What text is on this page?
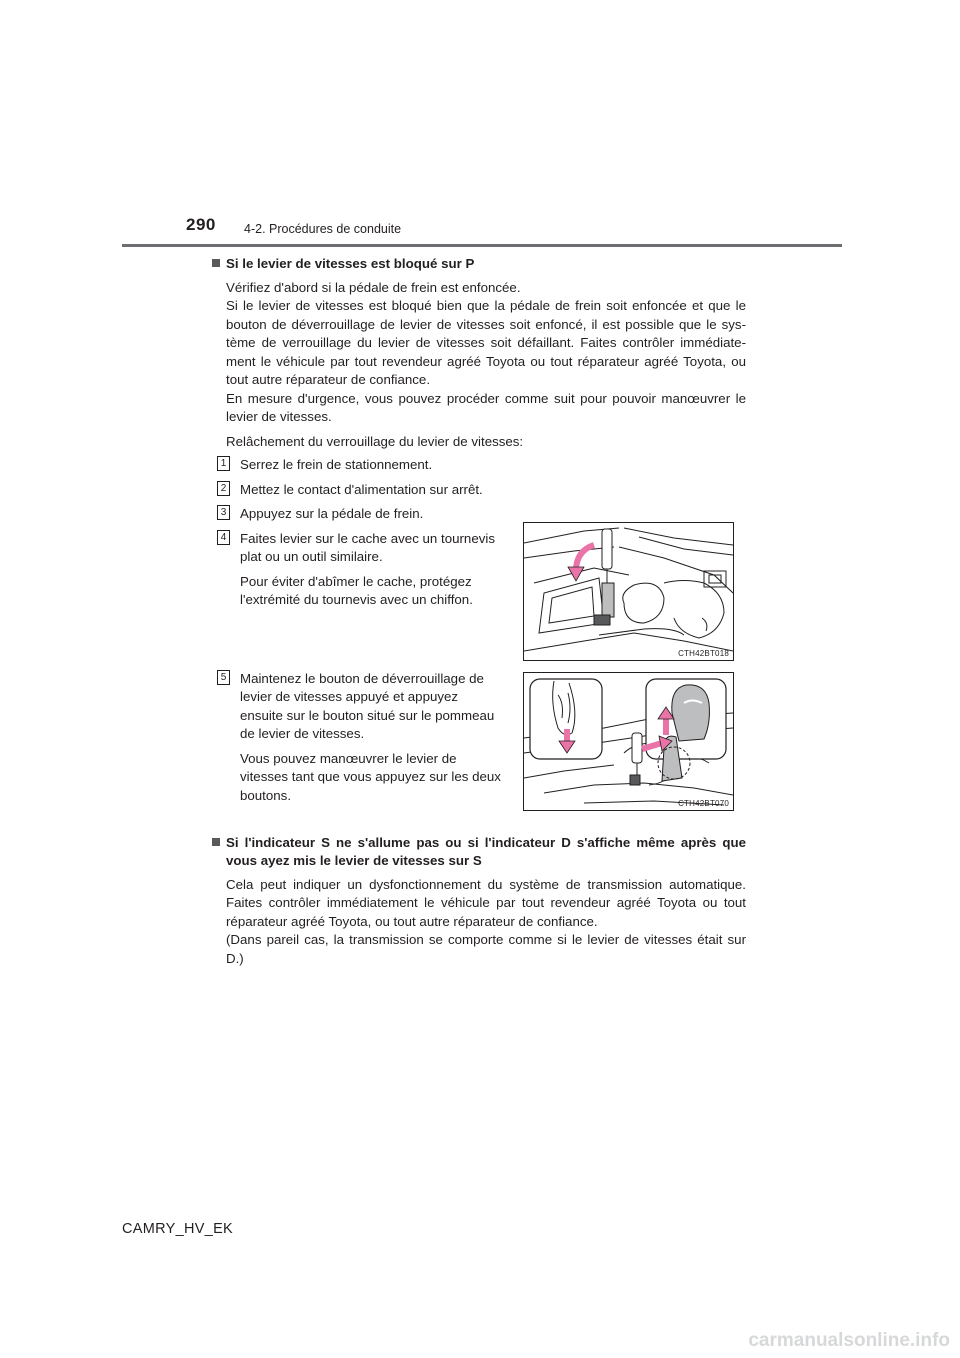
290 4-2. Procédures de conduite
Si le levier de vitesses est bloqué sur P
Vérifiez d'abord si la pédale de frein est enfoncée.
Si le levier de vitesses est bloqué bien que la pédale de frein soit enfoncée et que le
bouton de déverrouillage de levier de vitesses soit enfoncé, il est possible que le sys-
tème de verrouillage du levier de vitesses soit défaillant. Faites contrôler immédiate-
ment le véhicule par tout revendeur agréé Toyota ou tout réparateur agréé Toyota, ou
tout autre réparateur de confiance.
En mesure d'urgence, vous pouvez procéder comme suit pour pouvoir manœuvrer le
levier de vitesses.
Relâchement du verrouillage du levier de vitesses:
1 Serrez le frein de stationnement.
2 Mettez le contact d'alimentation sur arrêt.
3 Appuyez sur la pédale de frein.
4 Faites levier sur le cache avec un tournevis
plat ou un outil similaire.
Pour éviter d'abîmer le cache, protégez
l'extrémité du tournevis avec un chiffon.
5 Maintenez le bouton de déverrouillage de
levier de vitesses appuyé et appuyez
ensuite sur le bouton situé sur le pommeau
de levier de vitesses.
Vous pouvez manœuvrer le levier de
vitesses tant que vous appuyez sur les deux
boutons.
Si l'indicateur S ne s'allume pas ou si l'indicateur D s'affiche même après que
vous ayez mis le levier de vitesses sur S
Cela peut indiquer un dysfonctionnement du système de transmission automatique.
Faites contrôler immédiatement le véhicule par tout revendeur agréé Toyota ou tout
réparateur agréé Toyota, ou tout autre réparateur de confiance.
(Dans pareil cas, la transmission se comporte comme si le levier de vitesses était sur
D.)
CTH42BT018
CTH42BT070
CAMRY_HV_EK
carmanualsonline.info
